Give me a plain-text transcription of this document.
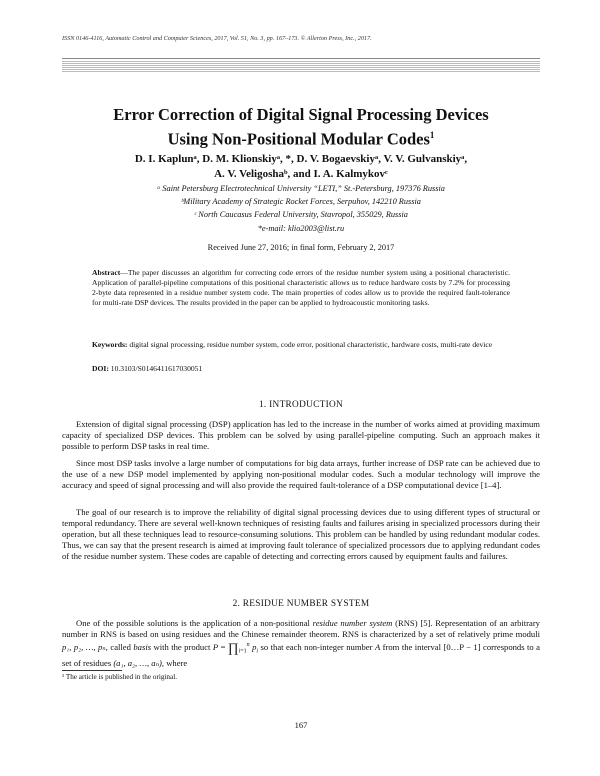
ISSN 0146-4116, Automatic Control and Computer Sciences, 2017, Vol. 51, No. 3, pp. 167–173. © Allerton Press, Inc., 2017.
Error Correction of Digital Signal Processing Devices
Using Non-Positional Modular Codes$^1$
D. I. Kaplunᵃ, D. M. Klionskiyᵃ, *, D. V. Bogaevskiyᵃ, V. V. Gulvanskiyᵃ,
A. V. Veligoshaᵇ, and I. A. Kalmykovᶜ
ᵃ Saint Petersburg Electrotechnical University “LETI,” St.-Petersburg, 197376 Russia
ᵇMilitary Academy of Strategic Rocket Forces, Serpuhov, 142210 Russia
ᶜ North Caucasus Federal University, Stavropol, 355029, Russia
*e-mail: klio2003@list.ru
Received June 27, 2016; in final form, February 2, 2017
Abstract—The paper discusses an algorithm for correcting code errors of the residue number system using a positional characteristic. Application of parallel-pipeline computations of this positional characteristic allows us to reduce hardware costs by 7.2% for processing 2-byte data represented in a residue number system code. The main properties of codes allow us to provide the required fault-tolerance for multi-rate DSP devices. The results provided in the paper can be applied to hydroacoustic monitoring tasks.
Keywords: digital signal processing, residue number system, code error, positional characteristic, hardware costs, multi-rate device
DOI: 10.3103/S0146411617030051
1. INTRODUCTION
Extension of digital signal processing (DSP) application has led to the increase in the number of works aimed at providing maximum capacity of specialized DSP devices. This problem can be solved by using parallel-pipeline computing. Such an approach makes it possible to perform DSP tasks in real time.
Since most DSP tasks involve a large number of computations for big data arrays, further increase of DSP rate can be achieved due to the use of a new DSP model implemented by applying non-positional modular codes. Such a modular technology will improve the accuracy and speed of signal processing and will also provide the required fault-tolerance of a DSP computational device [1–4].
The goal of our research is to improve the reliability of digital signal processing devices due to using different types of structural or temporal redundancy. There are several well-known techniques of resisting faults and failures arising in specialized processors during their operation, but all these techniques lead to resource-consuming solutions. This problem can be handled by using redundant modular codes. Thus, we can say that the present research is aimed at improving fault tolerance of specialized processors due to applying redundant codes of the residue number system. These codes are capable of detecting and correcting errors caused by equipment faults and failures.
2. RESIDUE NUMBER SYSTEM
One of the possible solutions is the application of a non-positional residue number system (RNS) [5]. Representation of an arbitrary number in RNS is based on using residues and the Chinese remainder theorem. RNS is characterized by a set of relatively prime moduli p₁, p₂, …, pₙ, called basis with the product $P = \prod_{i=1}^n$ $p_i$ so that each non-integer number A from the interval [0…P − 1] corresponds to a set of residues (a₁, a₂, …, aₙ), where
¹ The article is published in the original.
167
